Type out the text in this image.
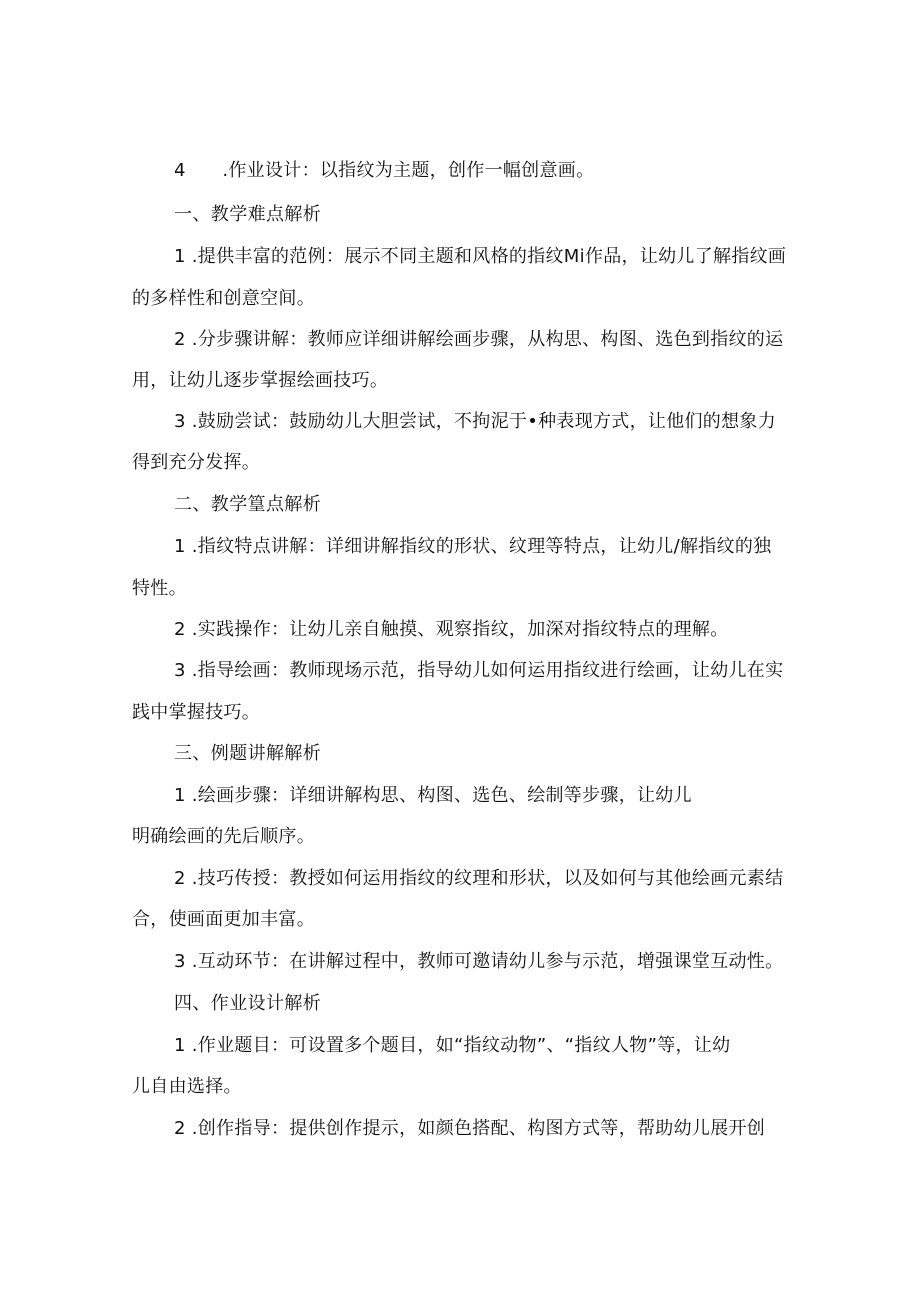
4　　.作业设计：以指纹为主题，创作一幅创意画。
一、教学难点解析
1 .提供丰富的范例：展示不同主题和风格的指纹Mi作品，让幼儿了解指纹画
的多样性和创意空间。
2 .分步骤讲解：教师应详细讲解绘画步骤，从构思、构图、选色到指纹的运
用，让幼儿逐步掌握绘画技巧。
3 .鼓励尝试：鼓励幼儿大胆尝试，不拘泥于•种表现方式，让他们的想象力
得到充分发挥。
二、教学篁点解析
1 .指纹特点讲解：详细讲解指纹的形状、纹理等特点，让幼儿/解指纹的独
特性。
2 .实践操作：让幼儿亲自触摸、观察指纹，加深对指纹特点的理解。
3 .指导绘画：教师现场示范，指导幼儿如何运用指纹进行绘画，让幼儿在实
践中掌握技巧。
三、例题讲解解析
1 .绘画步骤：详细讲解构思、构图、选色、绘制等步骤，让幼儿
明确绘画的先后顺序。
2 .技巧传授：教授如何运用指纹的纹理和形状，以及如何与其他绘画元素结
合，使画面更加丰富。
3 .互动环节：在讲解过程中，教师可邀请幼儿参与示范，增强课堂互动性。
四、作业设计解析
1 .作业题目：可设置多个题目，如“指纹动物”、“指纹人物”等，让幼
儿自由选择。
2 .创作指导：提供创作提示，如颜色搭配、构图方式等，帮助幼儿展开创
